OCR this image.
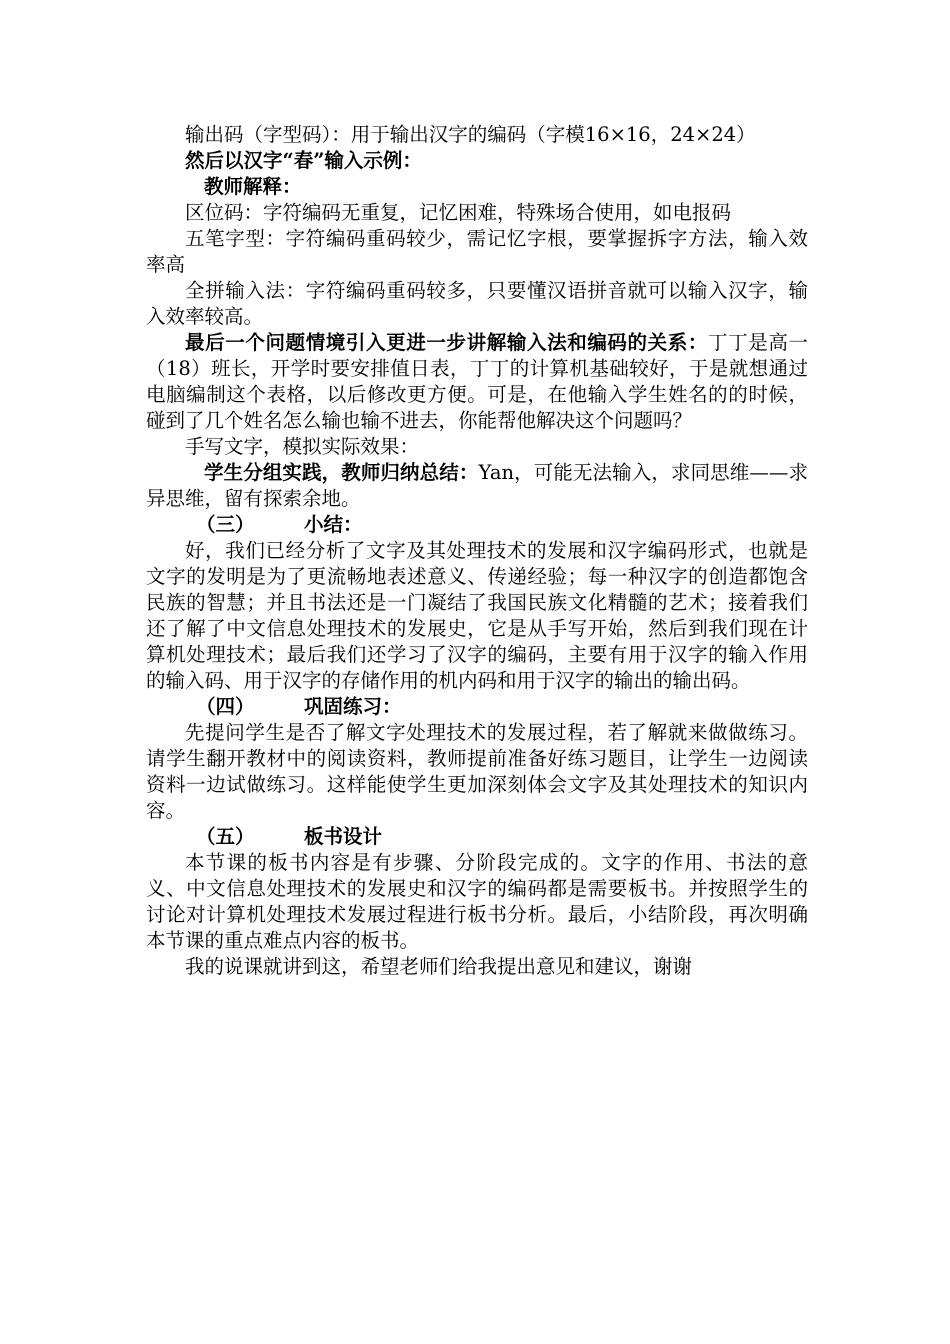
输出码（字型码）：用于输出汉字的编码（字模16×16，24×24）

然后以汉字“春”输入示例：

教师解释：

区位码：字符编码无重复，记忆困难，特殊场合使用，如电报码

五笔字型：字符编码重码较少，需记忆字根，要掌握拆字方法，输入效率高

全拼输入法：字符编码重码较多，只要懂汉语拼音就可以输入汉字，输入效率较高。

最后一个问题情境引入更进一步讲解输入法和编码的关系：丁丁是高一（18）班长，开学时要安排值日表，丁丁的计算机基础较好，于是就想通过电脑编制这个表格，以后修改更方便。可是，在他输入学生姓名的的时候，碰到了几个姓名怎么输也输不进去，你能帮他解决这个问题吗？

手写文字，模拟实际效果：

学生分组实践，教师归纳总结：Yan，可能无法输入，求同思维——求异思维，留有探索余地。

（三）	小结：

好，我们已经分析了文字及其处理技术的发展和汉字编码形式，也就是文字的发明是为了更流畅地表述意义、传递经验；每一种汉字的创造都饱含民族的智慧；并且书法还是一门凝结了我国民族文化精髓的艺术；接着我们还了解了中文信息处理技术的发展史，它是从手写开始，然后到我们现在计算机处理技术；最后我们还学习了汉字的编码，主要有用于汉字的输入作用的输入码、用于汉字的存储作用的机内码和用于汉字的输出的输出码。

（四）	巩固练习：

先提问学生是否了解文字处理技术的发展过程，若了解就来做做练习。请学生翻开教材中的阅读资料，教师提前准备好练习题目，让学生一边阅读资料一边试做练习。这样能使学生更加深刻体会文字及其处理技术的知识内容。

（五）	板书设计

本节课的板书内容是有步骤、分阶段完成的。文字的作用、书法的意义、中文信息处理技术的发展史和汉字的编码都是需要板书。并按照学生的讨论对计算机处理技术发展过程进行板书分析。最后，小结阶段，再次明确本节课的重点难点内容的板书。

我的说课就讲到这，希望老师们给我提出意见和建议，谢谢
